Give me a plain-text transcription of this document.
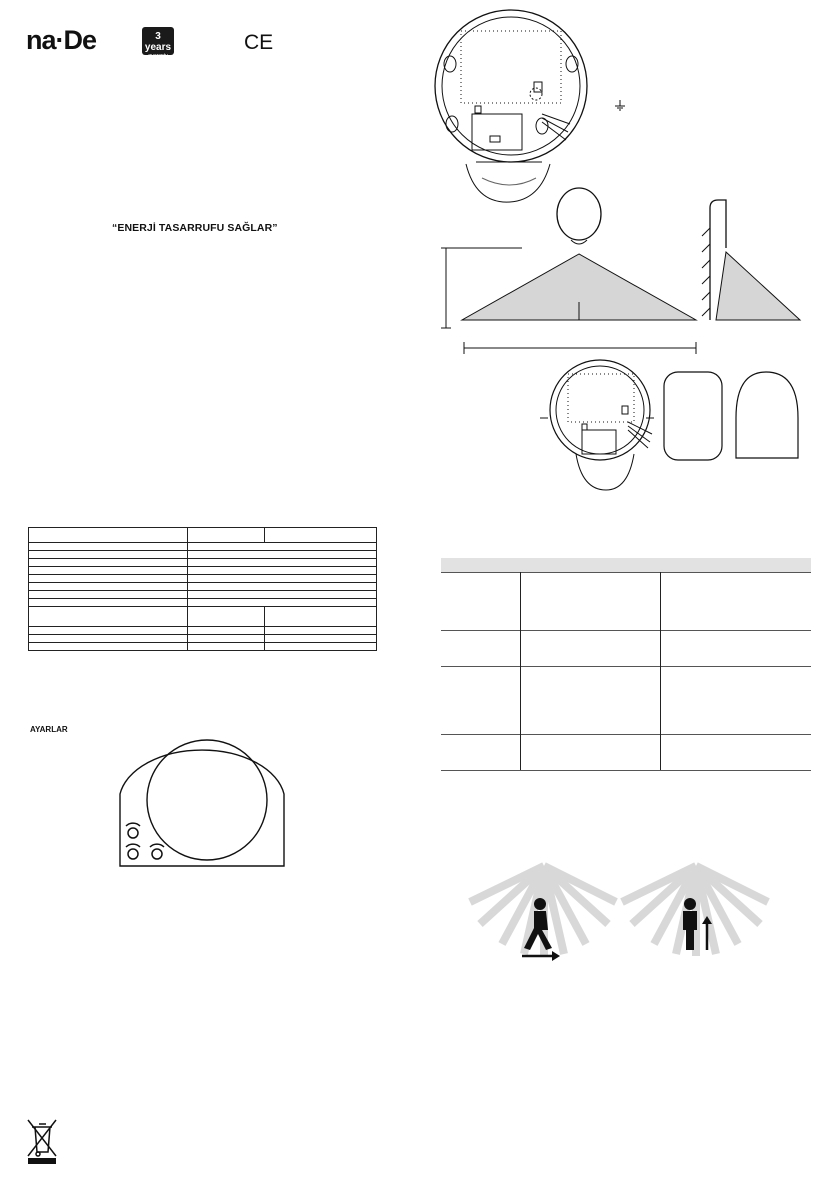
na·De	3 years
guaranty
CE
“ENERJİ TASARRUFU SAĞLAR”

AYARLAR
